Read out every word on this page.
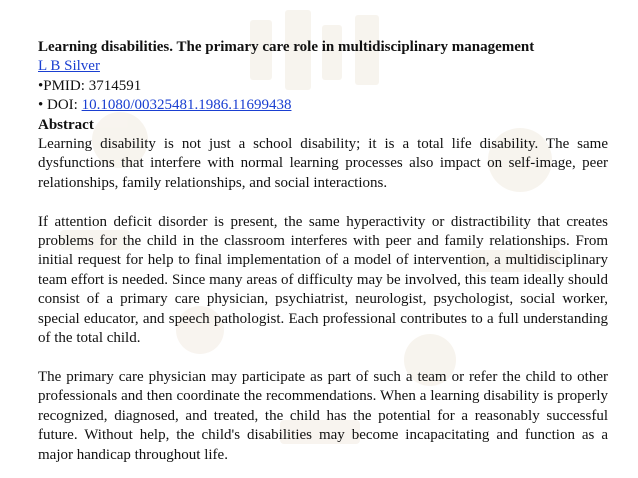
Learning disabilities. The primary care role in multidisciplinary management

L B Silver

•PMID: 3714591

• DOI: 10.1080/00325481.1986.11699438

Abstract

Learning disability is not just a school disability; it is a total life disability. The same dysfunctions that interfere with normal learning processes also impact on self-image, peer relationships, family relationships, and social interactions.

If attention deficit disorder is present, the same hyperactivity or distractibility that creates problems for the child in the classroom interferes with peer and family relationships. From initial request for help to final implementation of a model of intervention, a multidisciplinary team effort is needed. Since many areas of difficulty may be involved, this team ideally should consist of a primary care physician, psychiatrist, neurologist, psychologist, social worker, special educator, and speech pathologist. Each professional contributes to a full understanding of the total child.

The primary care physician may participate as part of such a team or refer the child to other professionals and then coordinate the recommendations. When a learning disability is properly recognized, diagnosed, and treated, the child has the potential for a reasonably successful future. Without help, the child's disabilities may become incapacitating and function as a major handicap throughout life.
